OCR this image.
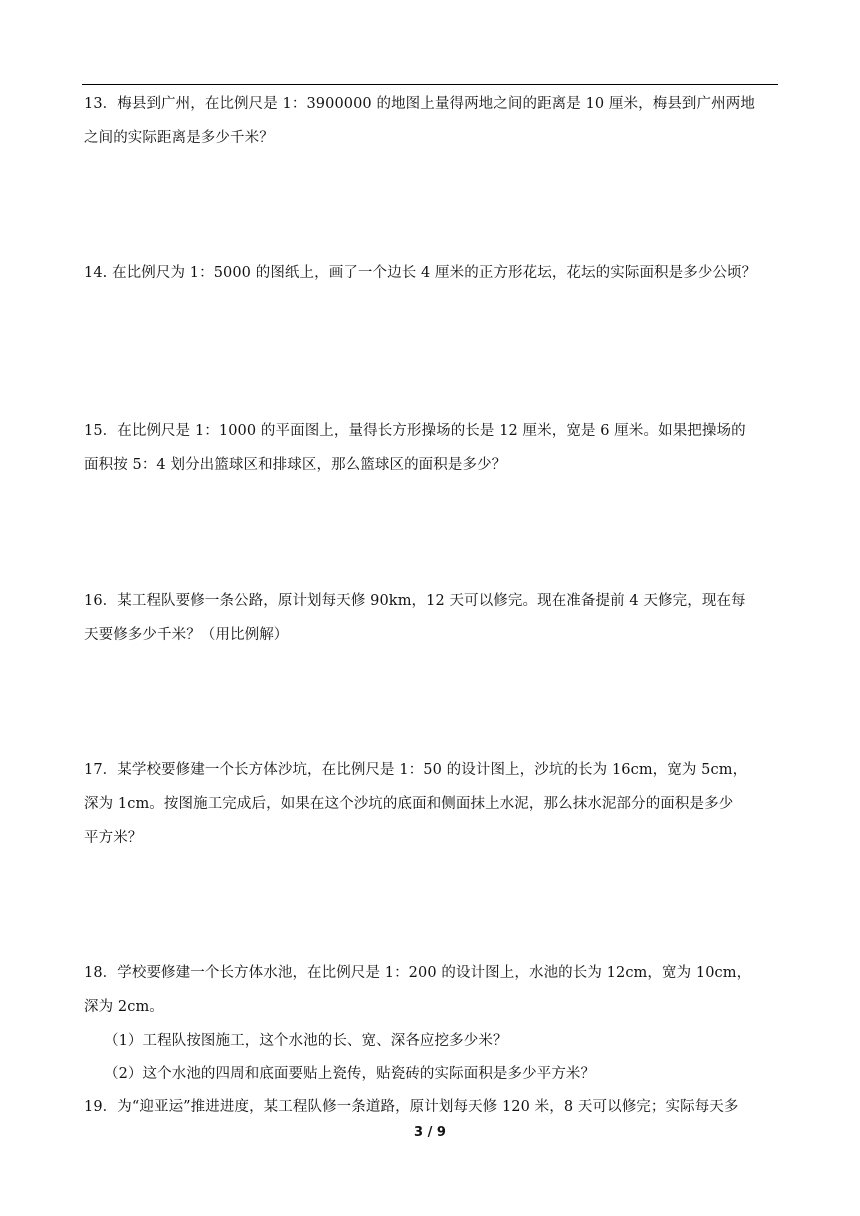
13．梅县到广州，在比例尺是 1：3900000 的地图上量得两地之间的距离是 10 厘米，梅县到广州两地
之间的实际距离是多少千米？
14. 在比例尺为 1：5000 的图纸上，画了一个边长 4 厘米的正方形花坛，花坛的实际面积是多少公顷？
15．在比例尺是 1：1000 的平面图上，量得长方形操场的长是 12 厘米，宽是 6 厘米。如果把操场的
面积按 5：4 划分出篮球区和排球区，那么篮球区的面积是多少？
16．某工程队要修一条公路，原计划每天修 90km，12 天可以修完。现在准备提前 4 天修完，现在每
天要修多少千米？（用比例解）
17．某学校要修建一个长方体沙坑，在比例尺是 1：50 的设计图上，沙坑的长为 16cm，宽为 5cm，
深为 1cm。按图施工完成后，如果在这个沙坑的底面和侧面抹上水泥，那么抹水泥部分的面积是多少
平方米？
18．学校要修建一个长方体水池，在比例尺是 1：200 的设计图上，水池的长为 12cm，宽为 10cm，
深为 2cm。
（1）工程队按图施工，这个水池的长、宽、深各应挖多少米？
（2）这个水池的四周和底面要贴上瓷传，贴瓷砖的实际面积是多少平方米？
19．为“迎亚运”推进进度，某工程队修一条道路，原计划每天修 120 米，8 天可以修完；实际每天多
3 / 9
